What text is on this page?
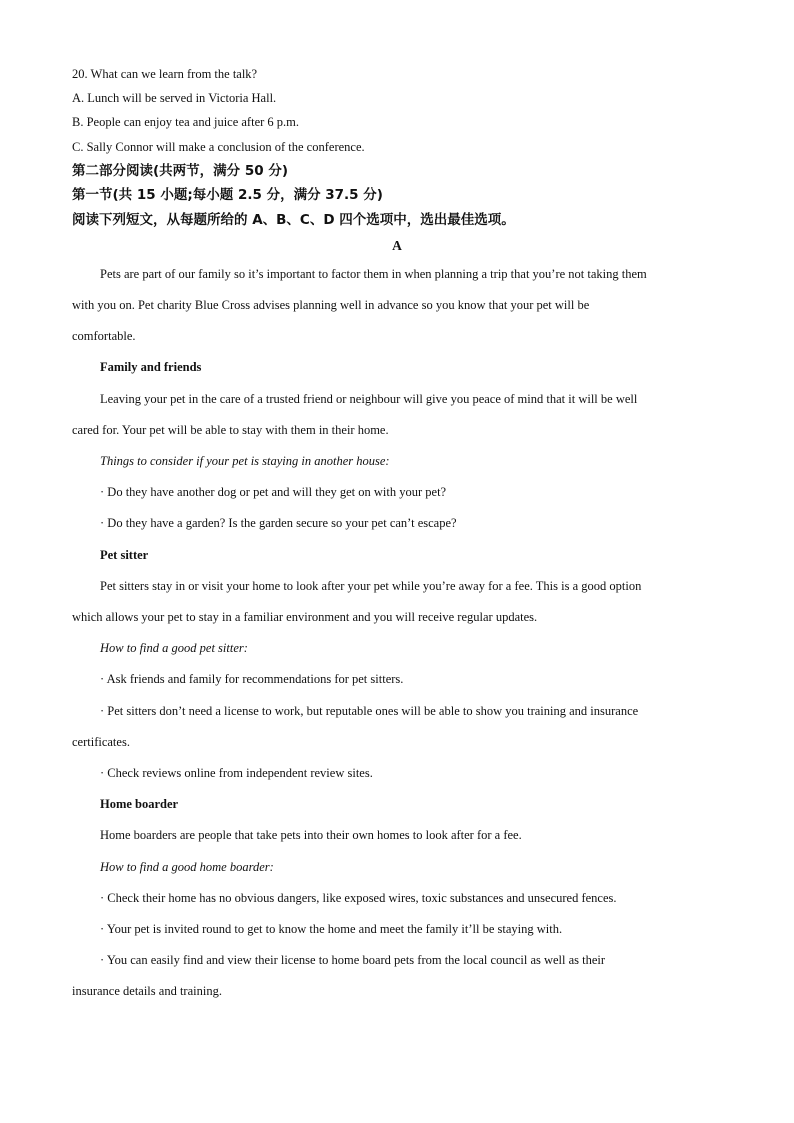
20. What can we learn from the talk?
A. Lunch will be served in Victoria Hall.
B. People can enjoy tea and juice after 6 p.m.
C. Sally Connor will make a conclusion of the conference.
第二部分阅读(共两节，满分 50 分)
第一节(共 15 小题;每小题 2.5 分，满分 37.5 分)
阅读下列短文，从每题所给的 A、B、C、D 四个选项中，选出最佳选项。
A
Pets are part of our family so it’s important to factor them in when planning a trip that you’re not taking them
with you on. Pet charity Blue Cross advises planning well in advance so you know that your pet will be
comfortable.
Family and friends
Leaving your pet in the care of a trusted friend or neighbour will give you peace of mind that it will be well
cared for. Your pet will be able to stay with them in their home.
Things to consider if your pet is staying in another house:
· Do they have another dog or pet and will they get on with your pet?
· Do they have a garden? Is the garden secure so your pet can’t escape?
Pet sitter
Pet sitters stay in or visit your home to look after your pet while you’re away for a fee. This is a good option
which allows your pet to stay in a familiar environment and you will receive regular updates.
How to find a good pet sitter:
· Ask friends and family for recommendations for pet sitters.
· Pet sitters don’t need a license to work, but reputable ones will be able to show you training and insurance
certificates.
· Check reviews online from independent review sites.
Home boarder
Home boarders are people that take pets into their own homes to look after for a fee.
How to find a good home boarder:
· Check their home has no obvious dangers, like exposed wires, toxic substances and unsecured fences.
· Your pet is invited round to get to know the home and meet the family it’ll be staying with.
· You can easily find and view their license to home board pets from the local council as well as their
insurance details and training.
